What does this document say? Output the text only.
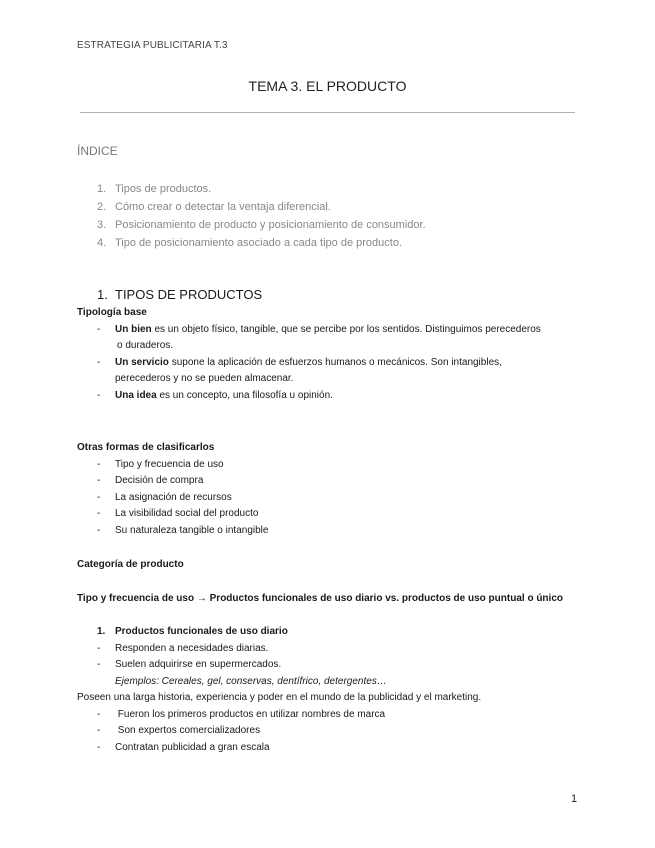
ESTRATEGIA PUBLICITARIA T.3
TEMA 3. EL PRODUCTO
ÍNDICE
1. Tipos de productos.
2. Cómo crear o detectar la ventaja diferencial.
3. Posicionamiento de producto y posicionamiento de consumidor.
4. Tipo de posicionamiento asociado a cada tipo de producto.
1. TIPOS DE PRODUCTOS
Tipología base
- Un bien es un objeto físico, tangible, que se percibe por los sentidos. Distinguimos perecederos
o duraderos.
- Un servicio supone la aplicación de esfuerzos humanos o mecánicos. Son intangibles,
perecederos y no se pueden almacenar.
- Una idea es un concepto, una filosofía u opinión.
Otras formas de clasificarlos
- Tipo y frecuencia de uso
- Decisión de compra
- La asignación de recursos
- La visibilidad social del producto
- Su naturaleza tangible o intangible
Categoría de producto
Tipo y frecuencia de uso → Productos funcionales de uso diario vs. productos de uso puntual o único
1. Productos funcionales de uso diario
- Responden a necesidades diarias.
- Suelen adquirirse en supermercados.
Ejemplos: Cereales, gel, conservas, dentífrico, detergentes…
Poseen una larga historia, experiencia y poder en el mundo de la publicidad y el marketing.
- Fueron los primeros productos en utilizar nombres de marca
- Son expertos comercializadores
- Contratan publicidad a gran escala
1
